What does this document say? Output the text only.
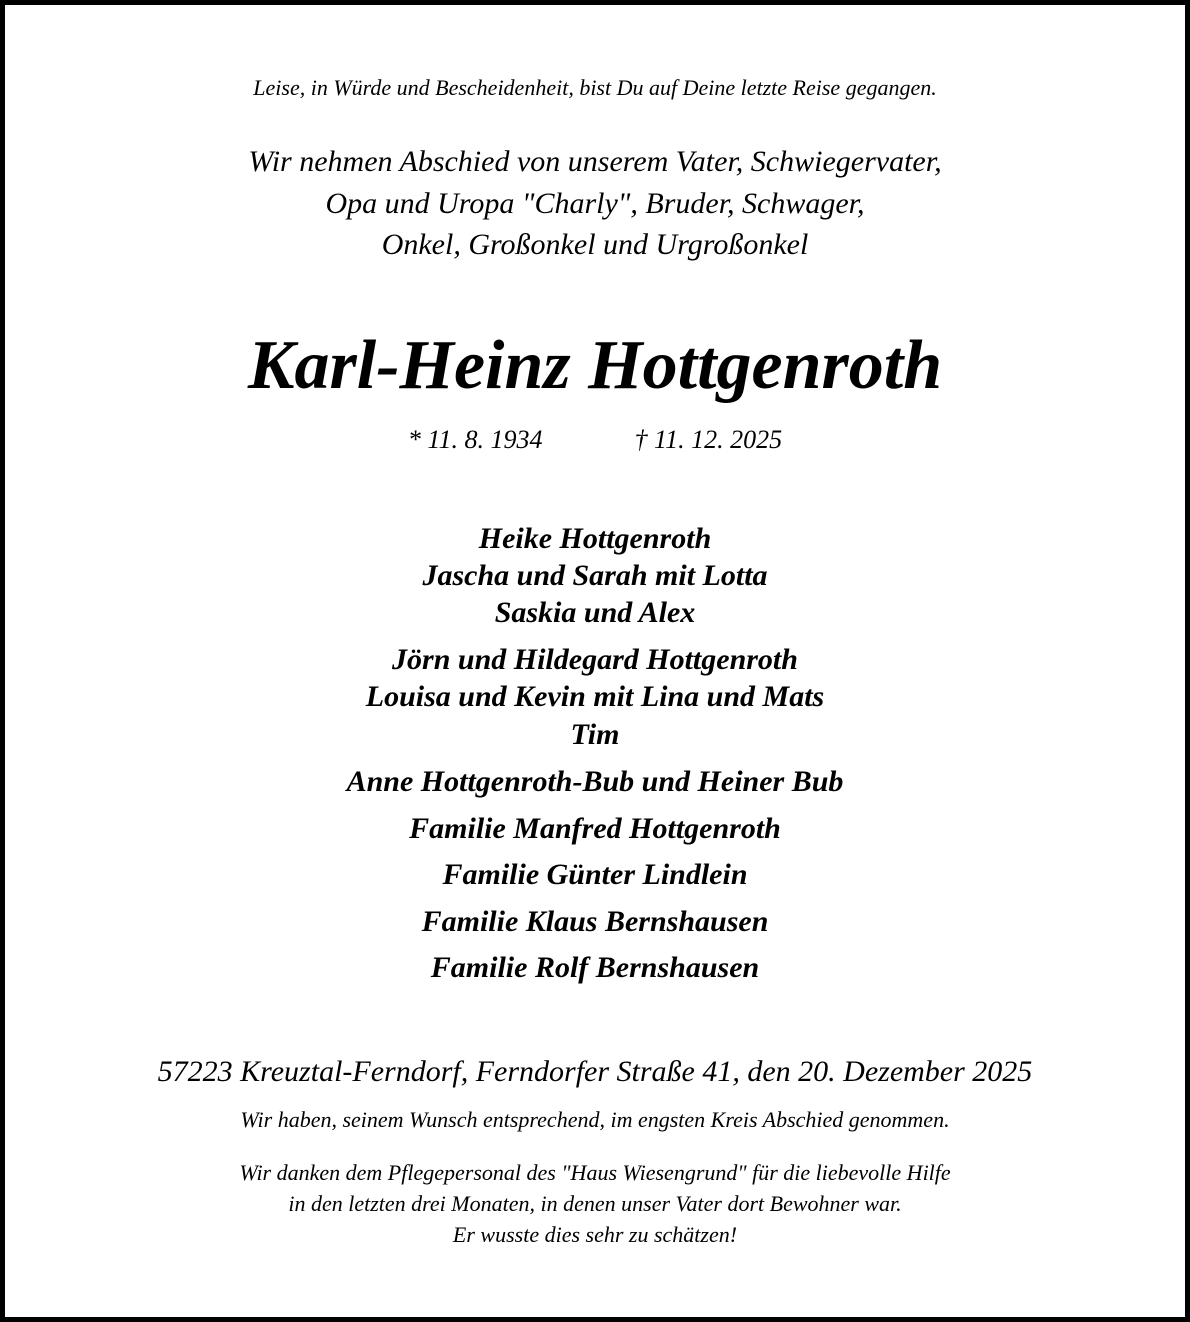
Leise, in Würde und Bescheidenheit, bist Du auf Deine letzte Reise gegangen.

Wir nehmen Abschied von unserem Vater, Schwiegervater,

Opa und Uropa "Charly", Bruder, Schwager,

Onkel, Großonkel und Urgroßonkel

Karl-Heinz Hottgenroth

* 11. 8. 1934	† 11. 12. 2025

Heike Hottgenroth

Jascha und Sarah mit Lotta

Saskia und Alex

Jörn und Hildegard Hottgenroth

Louisa und Kevin mit Lina und Mats

Tim

Anne Hottgenroth-Bub und Heiner Bub

Familie Manfred Hottgenroth

Familie Günter Lindlein

Familie Klaus Bernshausen

Familie Rolf Bernshausen

57223 Kreuztal-Ferndorf, Ferndorfer Straße 41, den 20. Dezember 2025

Wir haben, seinem Wunsch entsprechend, im engsten Kreis Abschied genommen.

Wir danken dem Pflegepersonal des "Haus Wiesengrund" für die liebevolle Hilfe

in den letzten drei Monaten, in denen unser Vater dort Bewohner war.

Er wusste dies sehr zu schätzen!
